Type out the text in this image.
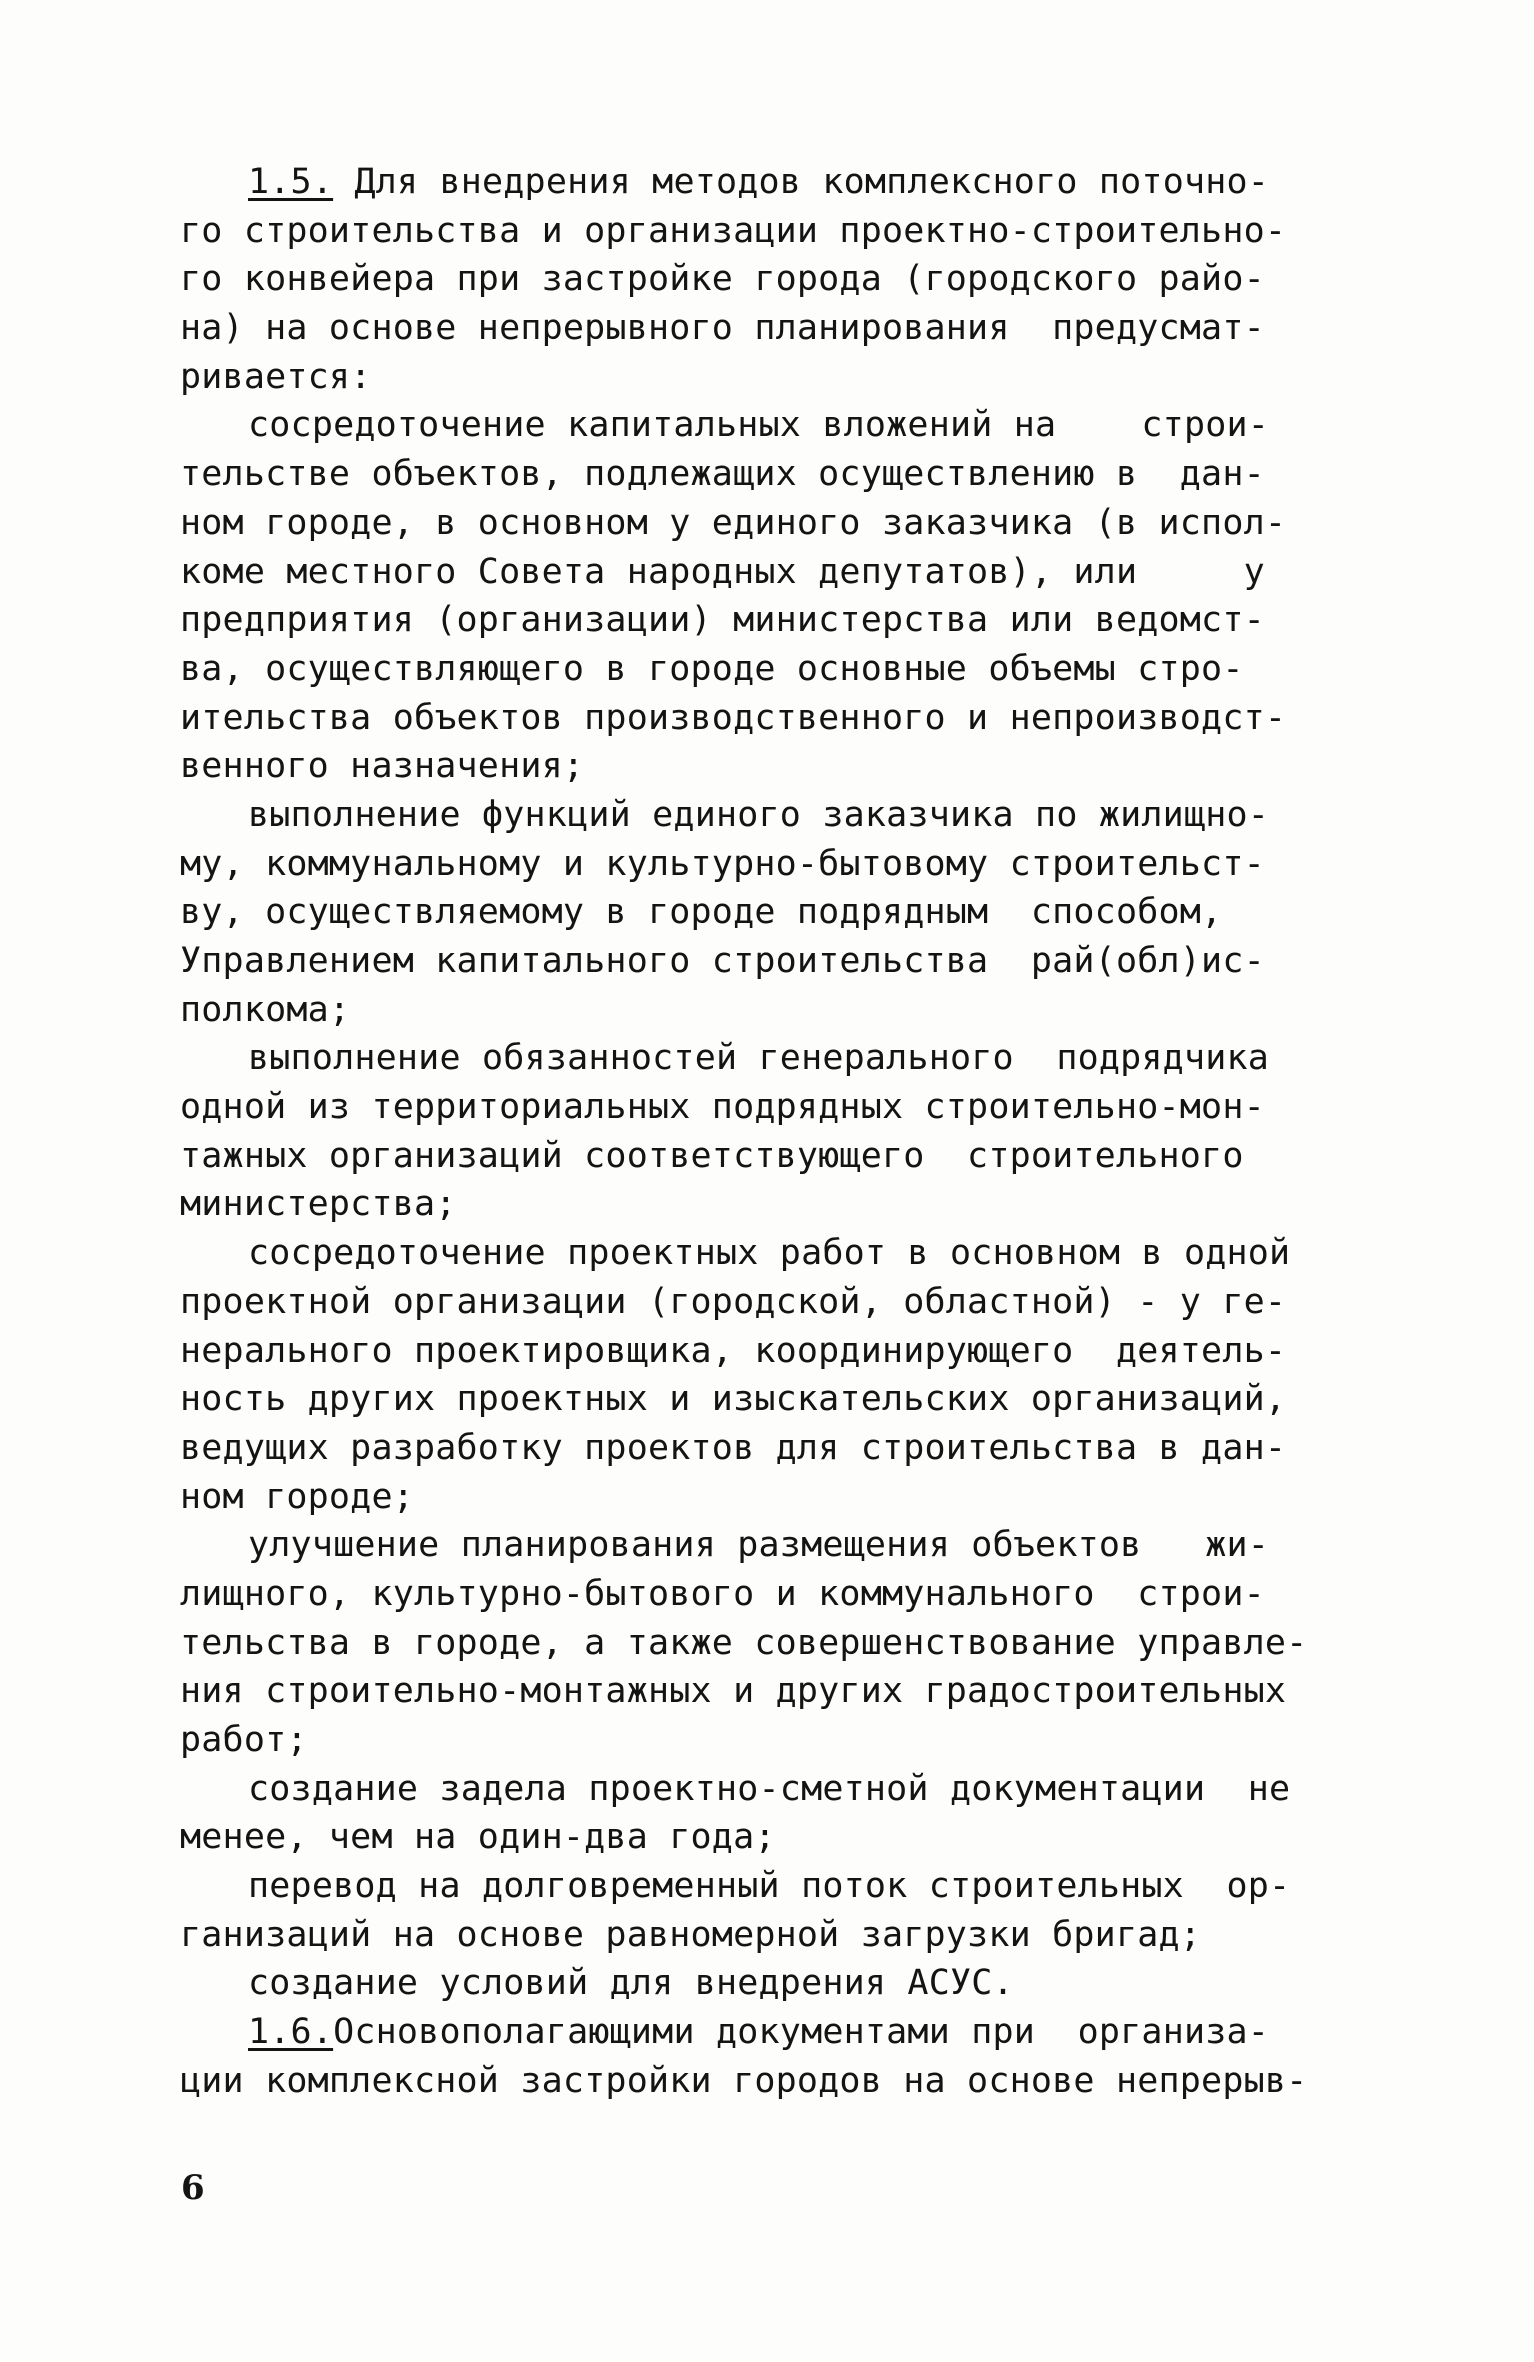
1.5. Для внедрения методов комплексного поточно-
го строительства и организации проектно-строительно-
го конвейера при застройке города (городского райо-
на) на основе непрерывного планирования  предусмат-
ривается:
сосредоточение капитальных вложений на    строи-
тельстве объектов, подлежащих осуществлению в  дан-
ном городе, в основном у единого заказчика (в испол-
коме местного Совета народных депутатов), или     у
предприятия (организации) министерства или ведомст-
ва, осуществляющего в городе основные объемы стро-
ительства объектов производственного и непроизводст-
венного назначения;
выполнение функций единого заказчика по жилищно-
му, коммунальному и культурно-бытовому строительст-
ву, осуществляемому в городе подрядным  способом,
Управлением капитального строительства  рай(обл)ис-
полкома;
выполнение обязанностей генерального  подрядчика
одной из территориальных подрядных строительно-мон-
тажных организаций соответствующего  строительного
министерства;
сосредоточение проектных работ в основном в одной
проектной организации (городской, областной) - у ге-
нерального проектировщика, координирующего  деятель-
ность других проектных и изыскательских организаций,
ведущих разработку проектов для строительства в дан-
ном городе;
улучшение планирования размещения объектов   жи-
лищного, культурно-бытового и коммунального  строи-
тельства в городе, а также совершенствование управле-
ния строительно-монтажных и других градостроительных
работ;
создание задела проектно-сметной документации  не
менее, чем на один-два года;
перевод на долговременный поток строительных  ор-
ганизаций на основе равномерной загрузки бригад;
создание условий для внедрения АСУС.
1.6.Основополагающими документами при  организа-
ции комплексной застройки городов на основе непрерыв-
6
